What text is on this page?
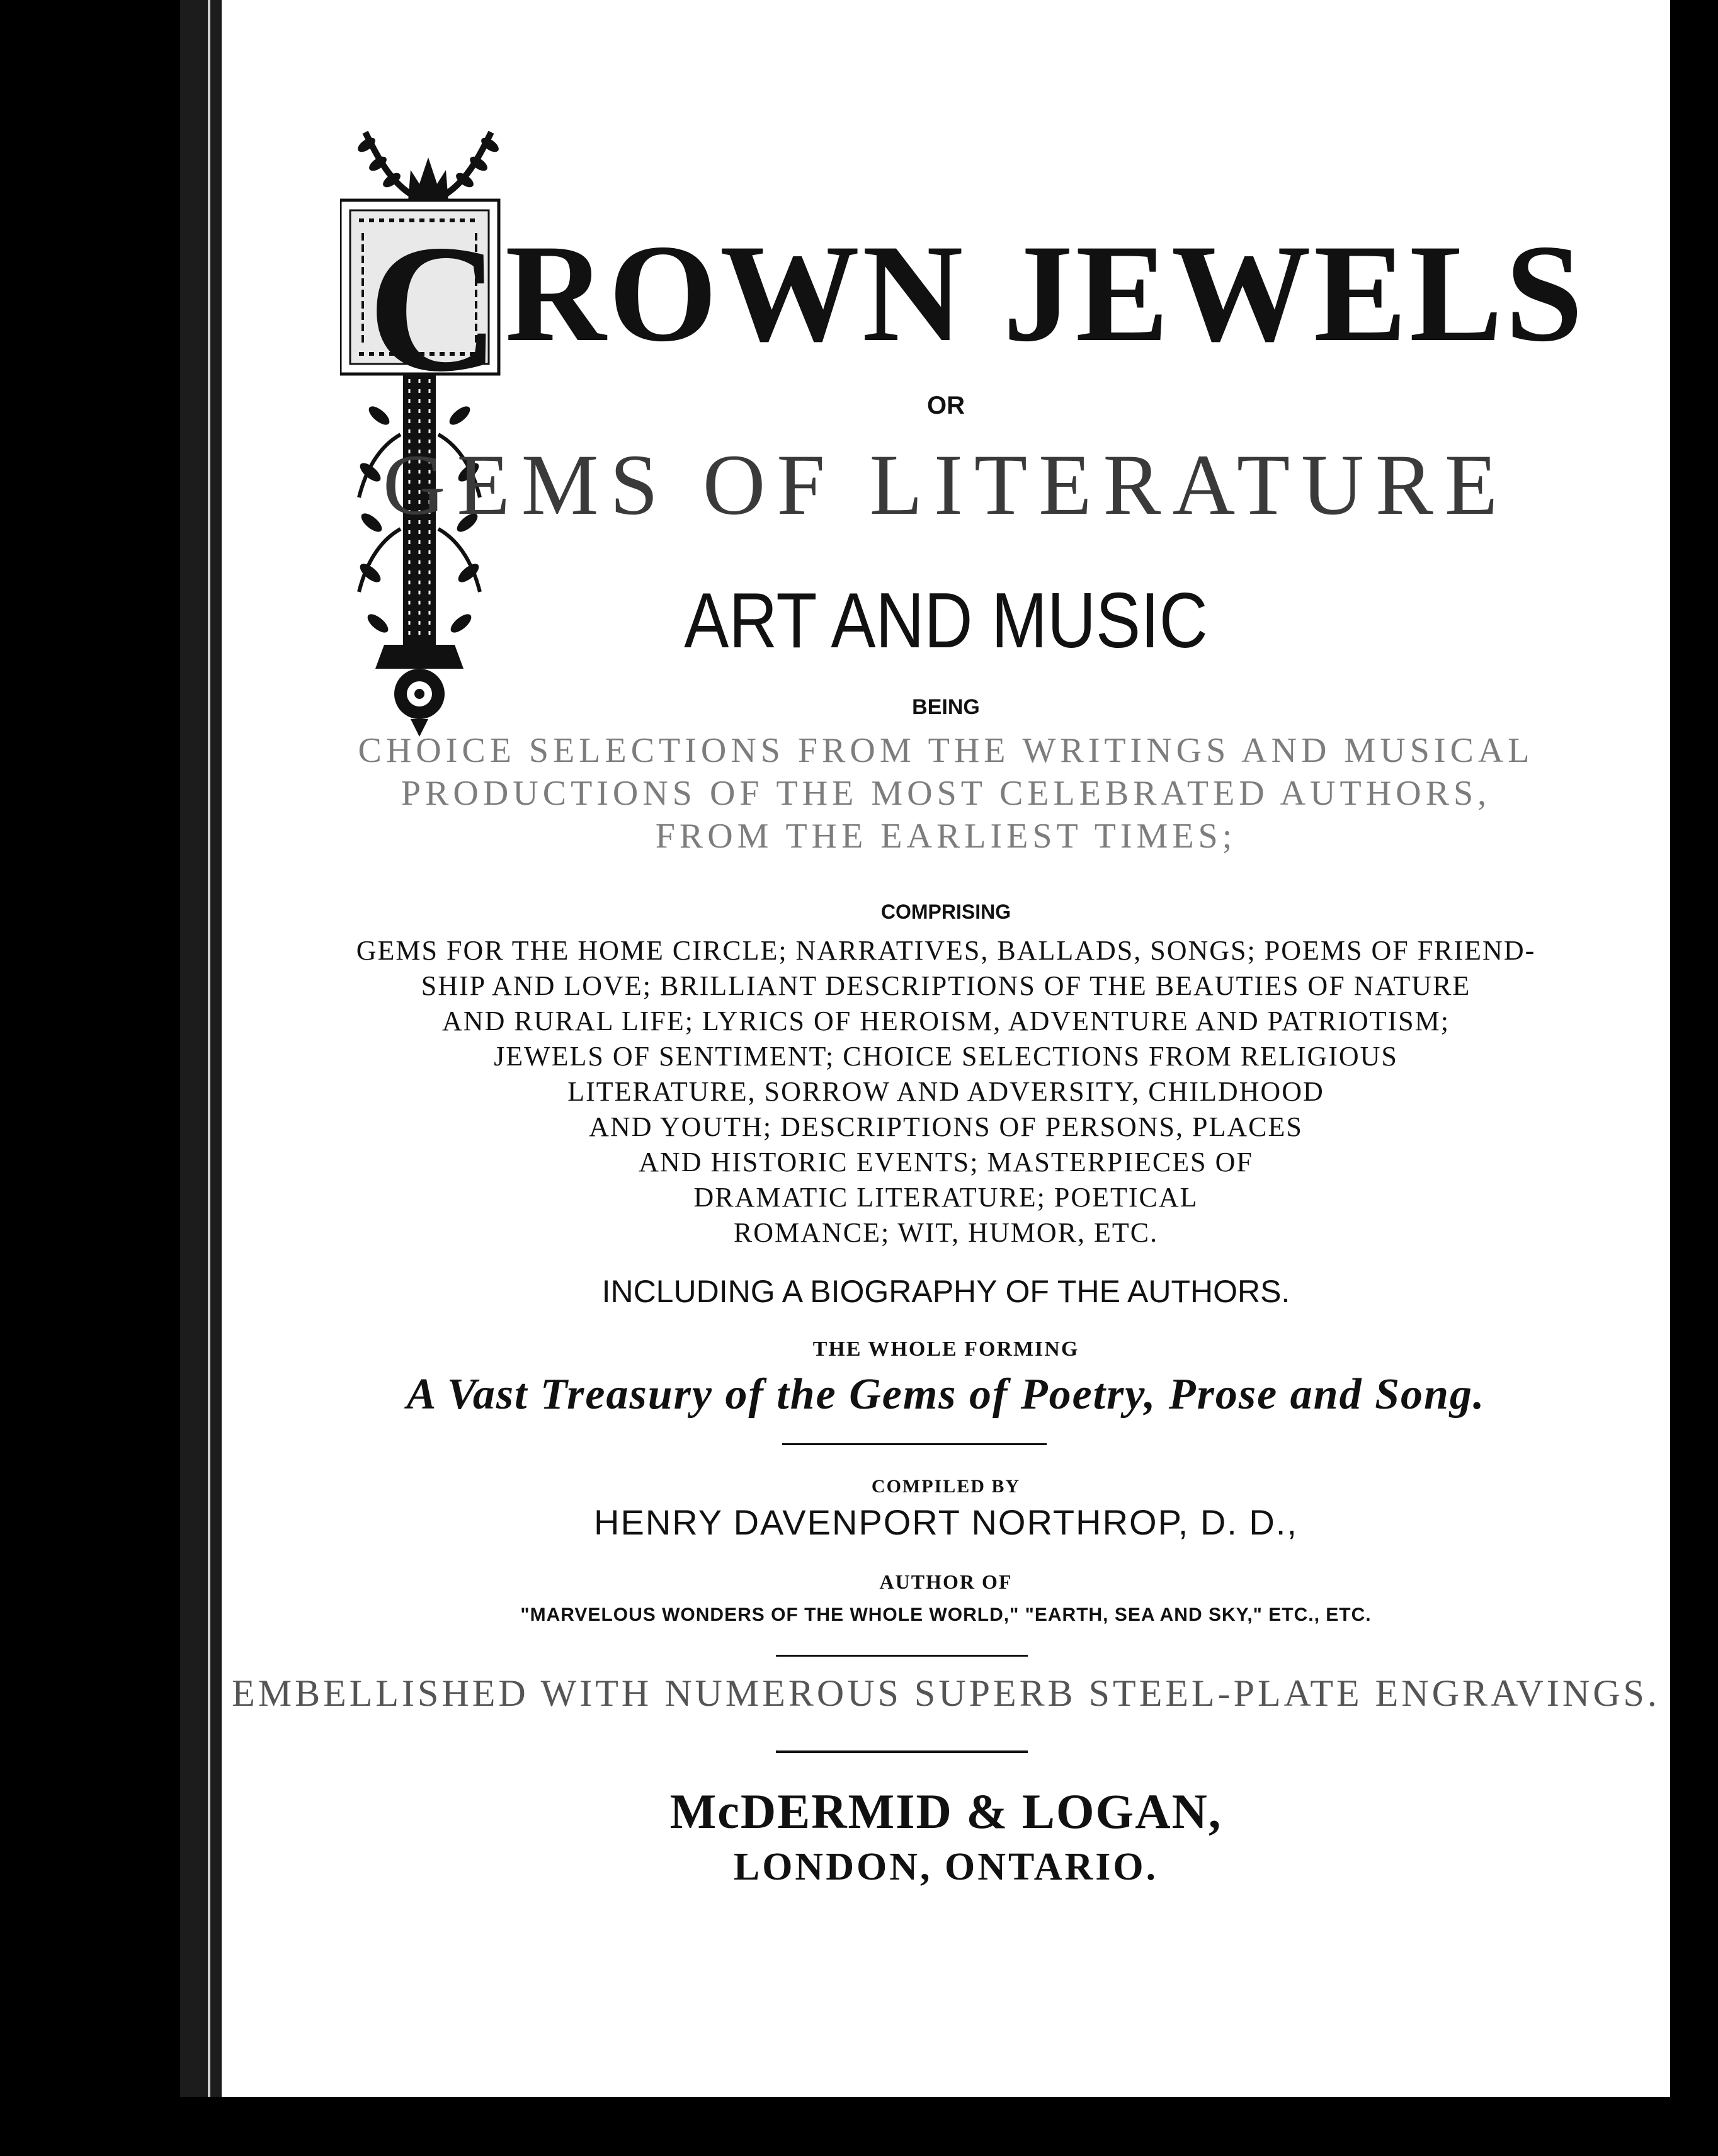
C ROWN JEWELS

OR

GEMS OF LITERATURE

ART AND MUSIC

BEING

CHOICE SELECTIONS FROM THE WRITINGS AND MUSICAL

PRODUCTIONS OF THE MOST CELEBRATED AUTHORS,

FROM THE EARLIEST TIMES;

COMPRISING

GEMS FOR THE HOME CIRCLE; NARRATIVES, BALLADS, SONGS; POEMS OF FRIEND-

SHIP AND LOVE; BRILLIANT DESCRIPTIONS OF THE BEAUTIES OF NATURE

AND RURAL LIFE; LYRICS OF HEROISM, ADVENTURE AND PATRIOTISM;

JEWELS OF SENTIMENT; CHOICE SELECTIONS FROM RELIGIOUS

LITERATURE, SORROW AND ADVERSITY, CHILDHOOD

AND YOUTH; DESCRIPTIONS OF PERSONS, PLACES

AND HISTORIC EVENTS; MASTERPIECES OF

DRAMATIC LITERATURE; POETICAL

ROMANCE; WIT, HUMOR, ETC.

INCLUDING A BIOGRAPHY OF THE AUTHORS.

THE WHOLE FORMING

A Vast Treasury of the Gems of Poetry, Prose and Song.

COMPILED BY

HENRY DAVENPORT NORTHROP, D. D.,

AUTHOR OF

"MARVELOUS WONDERS OF THE WHOLE WORLD," "EARTH, SEA AND SKY," ETC., ETC.

EMBELLISHED WITH NUMEROUS SUPERB STEEL-PLATE ENGRAVINGS.

McDERMID & LOGAN,

LONDON, ONTARIO.
